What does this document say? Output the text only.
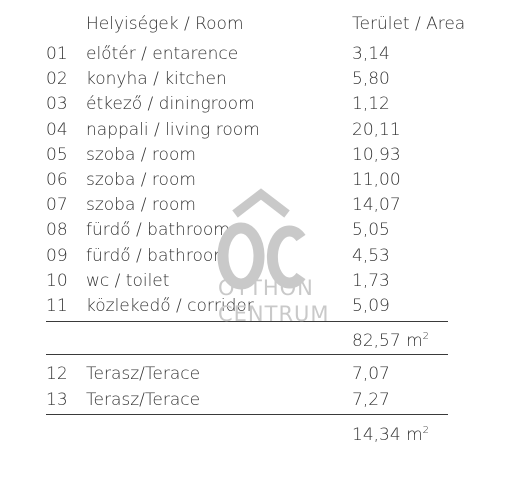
Helyiségek / Room	Terület / Area
01 előtér / entarence	3,14
02 konyha / kitchen	5,80
03 étkező / diningroom	1,12
04 nappali / living room	20,11
05 szoba / room	10,93
06 szoba / room	11,00
07 szoba / room	14,07
08 fürdő / bathroom	5,05
09 fürdő / bathroom	4,53
10 wc / toilet	1,73
11 közlekedő / corridor	5,09
82,57 $m^2$
12 Terasz/Terace	7,07
13 Terasz/Terace	7,27
14,34 $m^2$
OTTHON
CENTRUM
